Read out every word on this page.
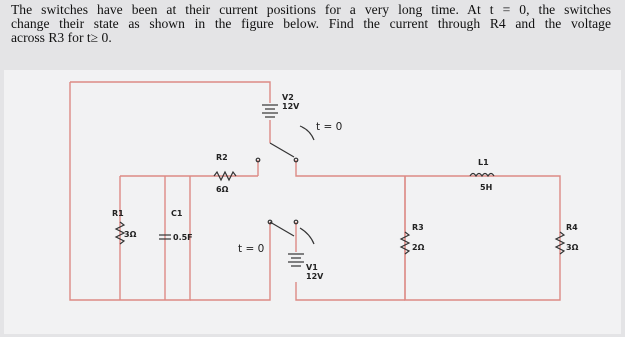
The switches have been at their current positions for a very long time. At t = 0, the switches
change their state as shown in the figure below. Find the current through R4 and the voltage
across R3 for t≥ 0.
R1
3Ω
C1
0.5F
R2
6Ω
V2
12V
V1
12V
R3
2Ω
L1
5H
R4
3Ω
t = 0
t = 0
